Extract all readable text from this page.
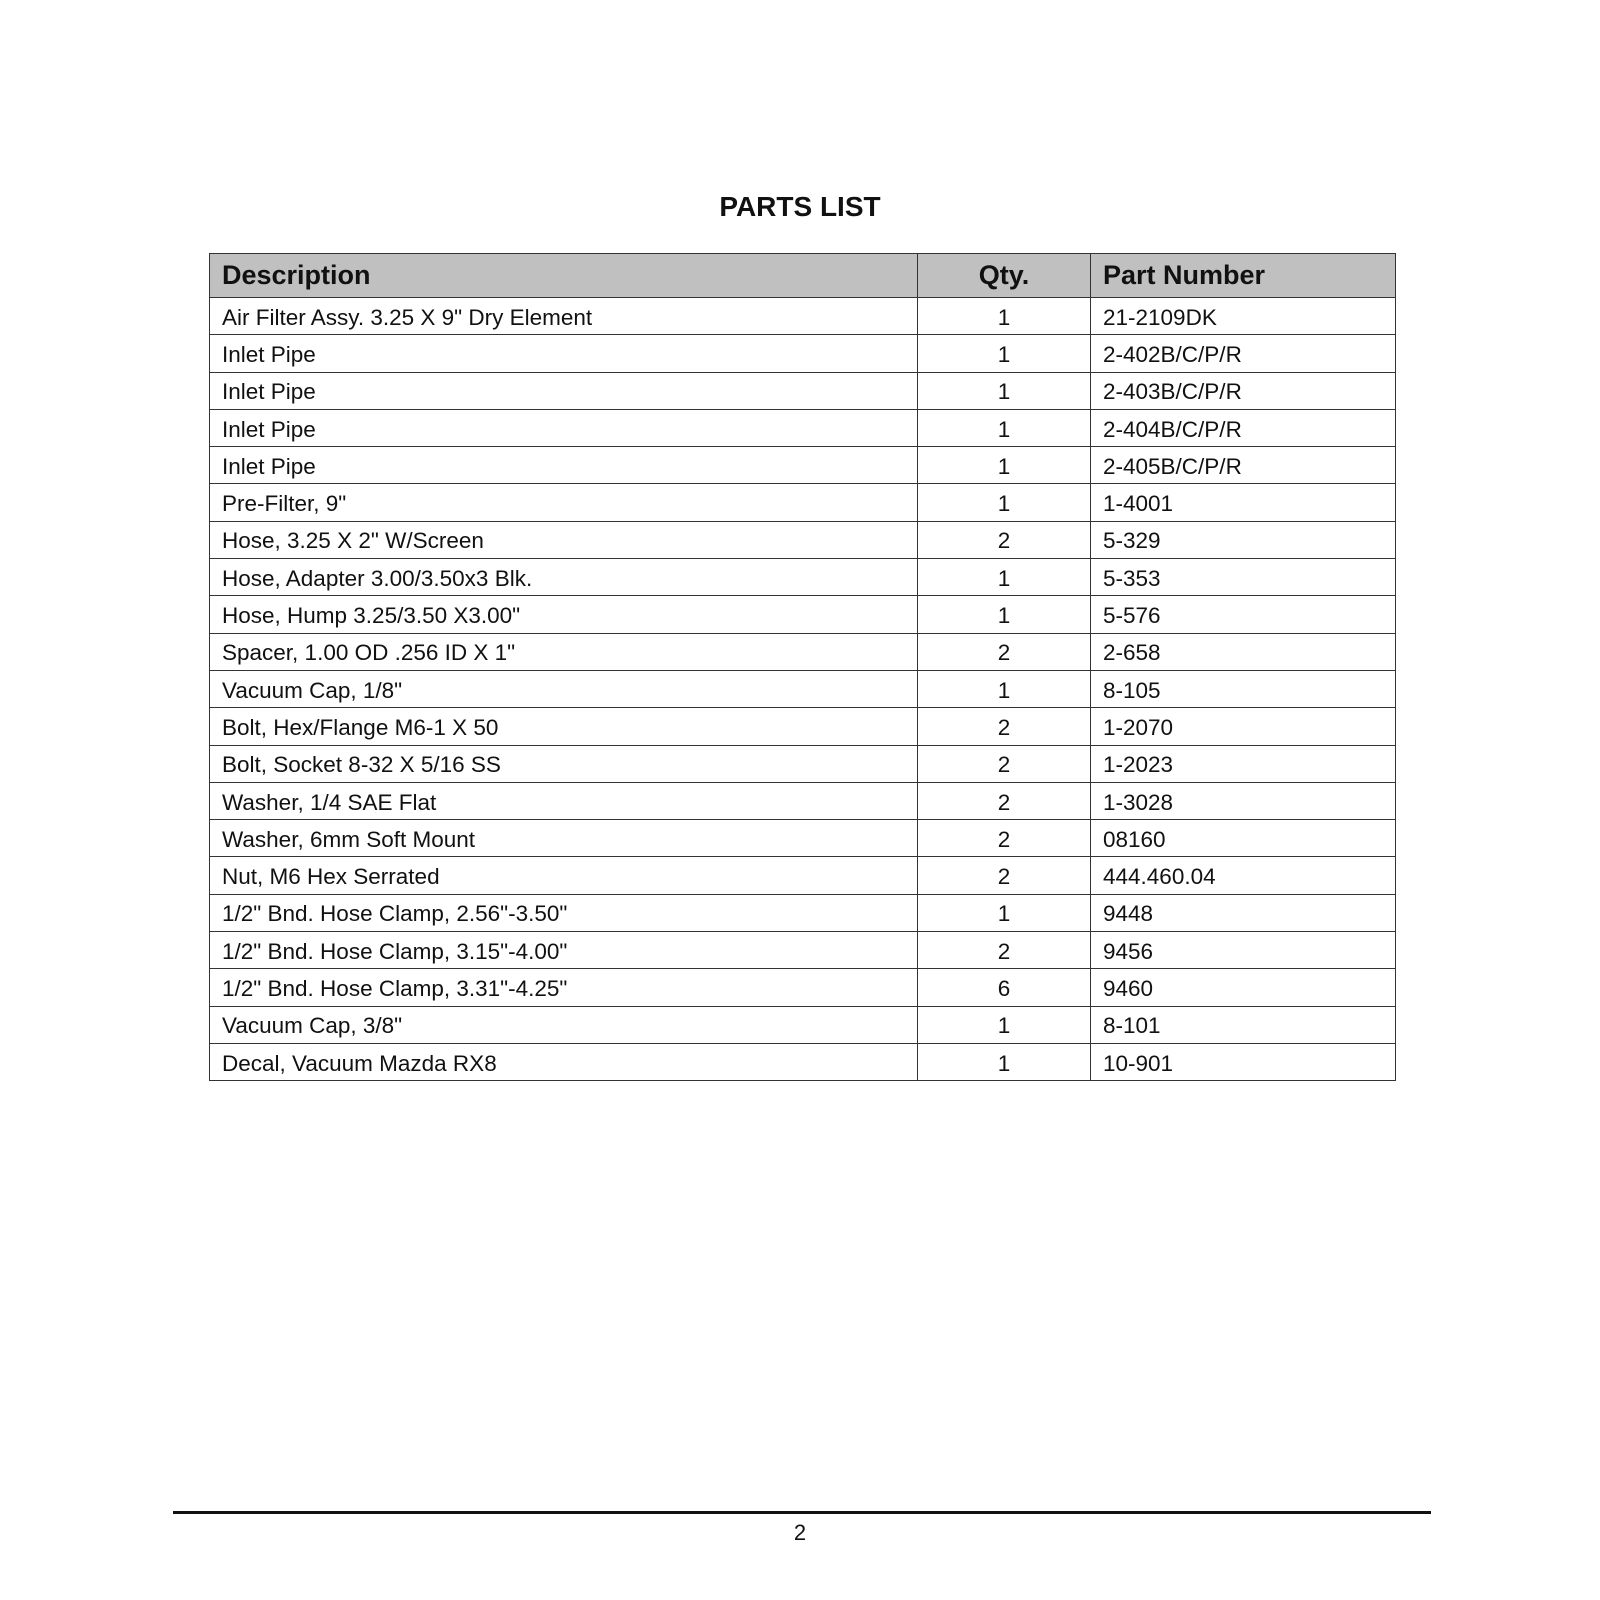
PARTS LIST
Description	Qty.	Part Number
Air Filter Assy. 3.25 X 9" Dry Element	1	21-2109DK
Inlet Pipe	1	2-402B/C/P/R
Inlet Pipe	1	2-403B/C/P/R
Inlet Pipe	1	2-404B/C/P/R
Inlet Pipe	1	2-405B/C/P/R
Pre-Filter, 9"	1	1-4001
Hose, 3.25 X 2" W/Screen	2	5-329
Hose, Adapter 3.00/3.50x3 Blk.	1	5-353
Hose, Hump 3.25/3.50 X3.00"	1	5-576
Spacer, 1.00 OD .256 ID X 1"	2	2-658
Vacuum Cap, 1/8"	1	8-105
Bolt, Hex/Flange M6-1 X 50	2	1-2070
Bolt, Socket 8-32 X 5/16 SS	2	1-2023
Washer, 1/4 SAE Flat	2	1-3028
Washer, 6mm Soft Mount	2	08160
Nut, M6 Hex Serrated	2	444.460.04
1/2" Bnd. Hose Clamp, 2.56"-3.50"	1	9448
1/2" Bnd. Hose Clamp, 3.15"-4.00"	2	9456
1/2" Bnd. Hose Clamp, 3.31"-4.25"	6	9460
Vacuum Cap, 3/8"	1	8-101
Decal, Vacuum Mazda RX8	1	10-901
2
